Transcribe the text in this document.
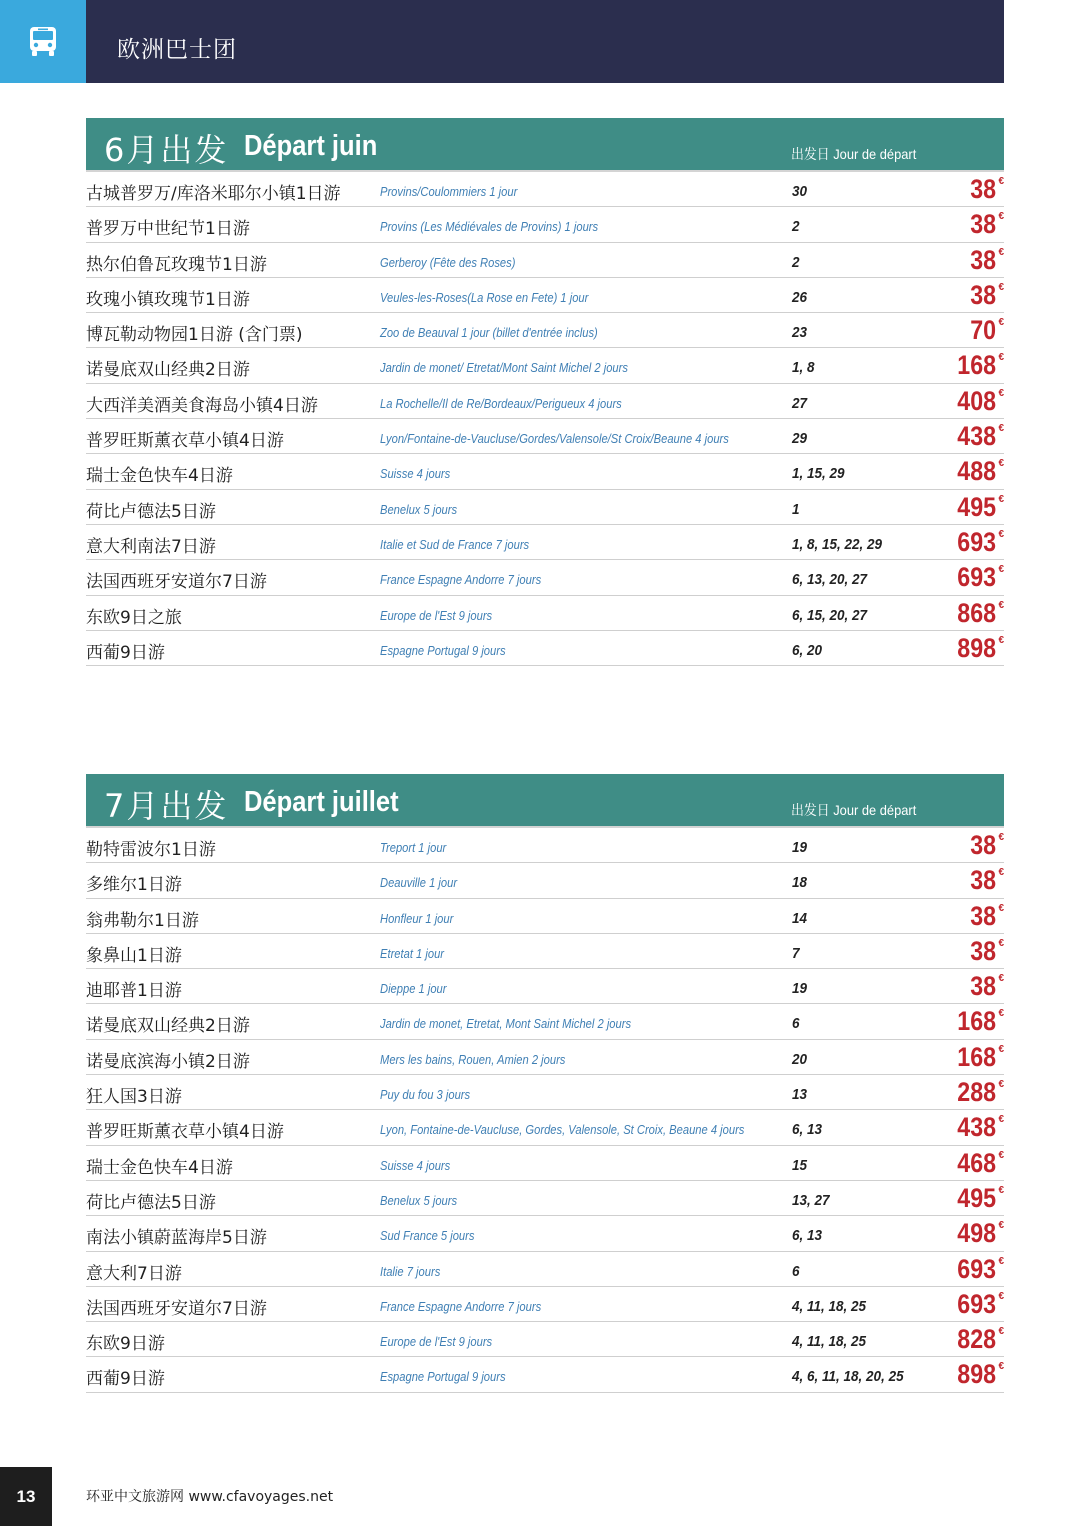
欧洲巴士团
6月出发 Départ juin	出发日 Jour de départ
古城普罗万/库洛米耶尔小镇1日游	Provins/Coulommiers 1 jour	30	38 €
普罗万中世纪节1日游	Provins (Les Médiévales de Provins) 1 jours	2	38 €
热尔伯鲁瓦玫瑰节1日游	Gerberoy (Fête des Roses)	2	38 €
玫瑰小镇玫瑰节1日游	Veules-les-Roses(La Rose en Fete) 1 jour	26	38 €
博瓦勒动物园1日游 (含门票)	Zoo de Beauval 1 jour (billet d'entrée inclus)	23	70 €
诺曼底双山经典2日游	Jardin de monet/ Etretat/Mont Saint Michel 2 jours	1, 8	168 €
大西洋美酒美食海岛小镇4日游	La Rochelle/Il de Re/Bordeaux/Perigueux 4 jours	27	408 €
普罗旺斯薰衣草小镇4日游	Lyon/Fontaine-de-Vaucluse/Gordes/Valensole/St Croix/Beaune 4 jours	29	438 €
瑞士金色快车4日游	Suisse 4 jours	1, 15, 29	488 €
荷比卢德法5日游	Benelux 5 jours	1	495 €
意大利南法7日游	Italie et Sud de France 7 jours	1, 8, 15, 22, 29	693 €
法国西班牙安道尔7日游	France Espagne Andorre 7 jours	6, 13, 20, 27	693 €
东欧9日之旅	Europe de l'Est 9 jours	6, 15, 20, 27	868 €
西葡9日游	Espagne Portugal 9 jours	6, 20	898 €
7月出发 Départ juillet	出发日 Jour de départ
勒特雷波尔1日游	Treport 1 jour	19	38 €
多维尔1日游	Deauville 1 jour	18	38 €
翁弗勒尔1日游	Honfleur 1 jour	14	38 €
象鼻山1日游	Etretat 1 jour	7	38 €
迪耶普1日游	Dieppe 1 jour	19	38 €
诺曼底双山经典2日游	Jardin de monet, Etretat, Mont Saint Michel 2 jours	6	168 €
诺曼底滨海小镇2日游	Mers les bains, Rouen, Amien 2 jours	20	168 €
狂人国3日游	Puy du fou 3 jours	13	288 €
普罗旺斯薰衣草小镇4日游	Lyon, Fontaine-de-Vaucluse, Gordes, Valensole, St Croix, Beaune 4 jours	6, 13	438 €
瑞士金色快车4日游	Suisse 4 jours	15	468 €
荷比卢德法5日游	Benelux 5 jours	13, 27	495 €
南法小镇蔚蓝海岸5日游	Sud France 5 jours	6, 13	498 €
意大利7日游	Italie 7 jours	6	693 €
法国西班牙安道尔7日游	France Espagne Andorre 7 jours	4, 11, 18, 25	693 €
东欧9日游	Europe de l'Est 9 jours	4, 11, 18, 25	828 €
西葡9日游	Espagne Portugal 9 jours	4, 6, 11, 18, 20, 25 898 €
13	环亚中文旅游网 www.cfavoyages.net
